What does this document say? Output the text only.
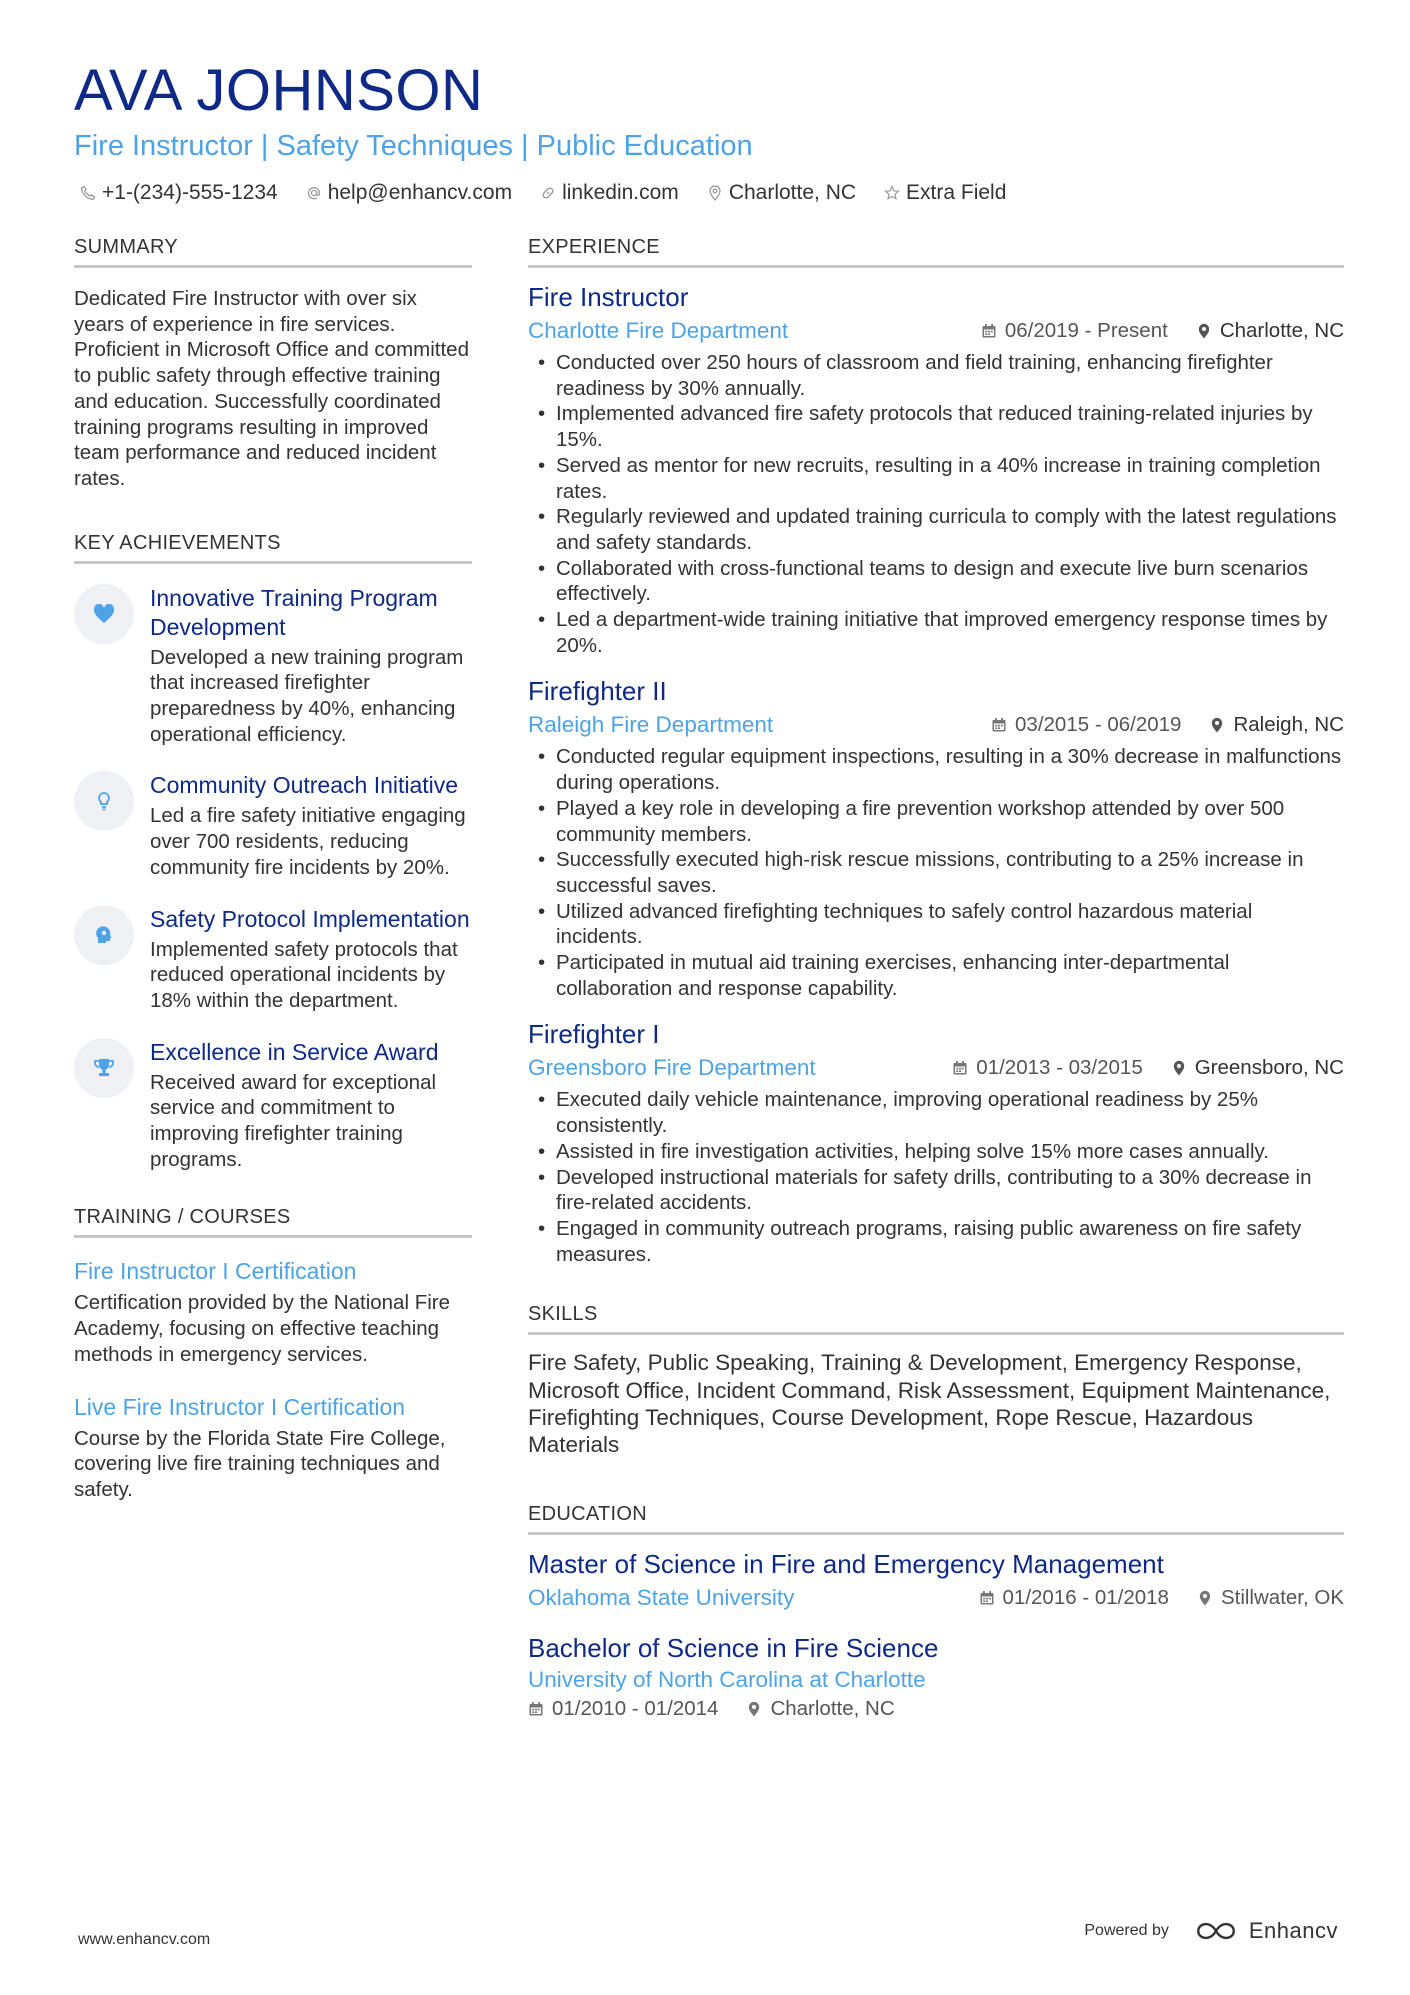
AVA JOHNSON
Fire Instructor | Safety Techniques | Public Education
+1-(234)-555-1234 help@enhancv.com linkedin.com Charlotte, NC Extra Field
SUMMARY
Dedicated Fire Instructor with over six years of experience in fire services. Proficient in Microsoft Office and committed to public safety through effective training and education. Successfully coordinated training programs resulting in improved team performance and reduced incident rates.
KEY ACHIEVEMENTS
Innovative Training Program Development
Developed a new training program that increased firefighter preparedness by 40%, enhancing operational efficiency.
Community Outreach Initiative
Led a fire safety initiative engaging over 700 residents, reducing community fire incidents by 20%.
Safety Protocol Implementation
Implemented safety protocols that reduced operational incidents by 18% within the department.
Excellence in Service Award
Received award for exceptional service and commitment to improving firefighter training programs.
TRAINING / COURSES
Fire Instructor I Certification
Certification provided by the National Fire Academy, focusing on effective teaching methods in emergency services.
Live Fire Instructor I Certification
Course by the Florida State Fire College, covering live fire training techniques and safety.
EXPERIENCE
Fire Instructor
Charlotte Fire Department	06/2019 - Present	Charlotte, NC
• Conducted over 250 hours of classroom and field training, enhancing firefighter readiness by 30% annually.
• Implemented advanced fire safety protocols that reduced training-related injuries by 15%.
• Served as mentor for new recruits, resulting in a 40% increase in training completion rates.
• Regularly reviewed and updated training curricula to comply with the latest regulations and safety standards.
• Collaborated with cross-functional teams to design and execute live burn scenarios effectively.
• Led a department-wide training initiative that improved emergency response times by 20%.
Firefighter II
Raleigh Fire Department	03/2015 - 06/2019	Raleigh, NC
• Conducted regular equipment inspections, resulting in a 30% decrease in malfunctions during operations.
• Played a key role in developing a fire prevention workshop attended by over 500 community members.
• Successfully executed high-risk rescue missions, contributing to a 25% increase in successful saves.
• Utilized advanced firefighting techniques to safely control hazardous material incidents.
• Participated in mutual aid training exercises, enhancing inter-departmental collaboration and response capability.
Firefighter I
Greensboro Fire Department	01/2013 - 03/2015	Greensboro, NC
• Executed daily vehicle maintenance, improving operational readiness by 25% consistently.
• Assisted in fire investigation activities, helping solve 15% more cases annually.
• Developed instructional materials for safety drills, contributing to a 30% decrease in fire-related accidents.
• Engaged in community outreach programs, raising public awareness on fire safety measures.
SKILLS
Fire Safety, Public Speaking, Training & Development, Emergency Response, Microsoft Office, Incident Command, Risk Assessment, Equipment Maintenance, Firefighting Techniques, Course Development, Rope Rescue, Hazardous Materials
EDUCATION
Master of Science in Fire and Emergency Management
Oklahoma State University	01/2016 - 01/2018	Stillwater, OK
Bachelor of Science in Fire Science
University of North Carolina at Charlotte
01/2010 - 01/2014	Charlotte, NC
www.enhancv.com
Powered by	Enhancv
